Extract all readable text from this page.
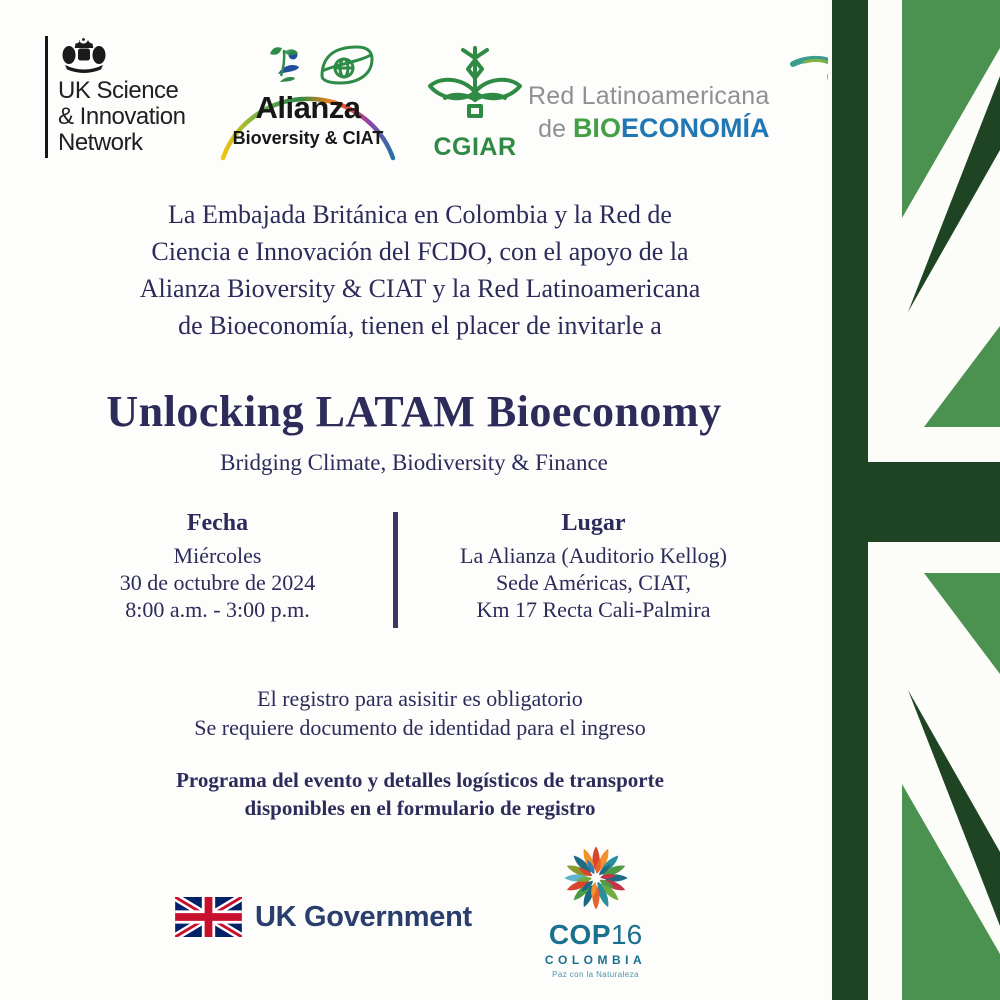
UK Science
& Innovation
Network
Alianza
Bioversity & CIAT	CGIAR
Red Latinoamericana
de BIOECONOMÍA
La Embajada Británica en Colombia y la Red de
Ciencia e Innovación del FCDO, con el apoyo de la
Alianza Bioversity & CIAT y la Red Latinoamericana
de Bioeconomía, tienen el placer de invitarle a
Unlocking LATAM Bioeconomy
Bridging Climate, Biodiversity & Finance
Fecha
Miércoles
30 de octubre de 2024
8:00 a.m. - 3:00 p.m.
Lugar
La Alianza (Auditorio Kellog)
Sede Américas, CIAT,
Km 17 Recta Cali-Palmira
El registro para asisitir es obligatorio
Se requiere documento de identidad para el ingreso
Programa del evento y detalles logísticos de transporte
disponibles en el formulario de registro
UK Government
COP16
COLOMBIA
Paz con la Naturaleza
